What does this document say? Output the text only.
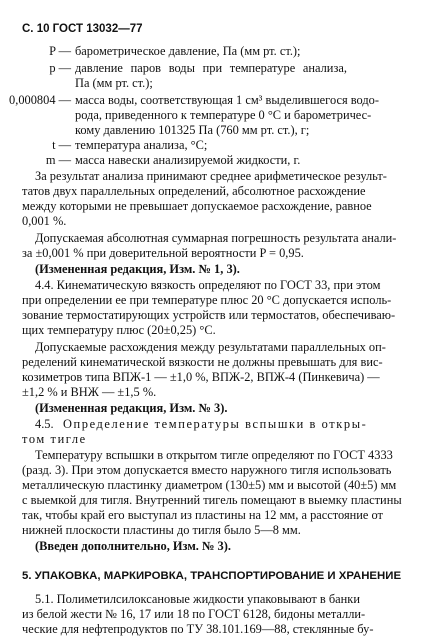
С. 10 ГОСТ 13032—77
P — барометрическое давление, Па (мм рт. ст.);
p — давление паров воды при температуре анализа,
Па (мм рт. ст.);
0,000804 — масса воды, соответствующая 1 см³ выделившегося водо-
рода, приведенного к температуре 0 °С и барометричес-
кому давлению 101325 Па (760 мм рт. ст.), г;
t — температура анализа, °С;
m — масса навески анализируемой жидкости, г.
За результат анализа принимают среднее арифметическое результ-
татов двух параллельных определений, абсолютное расхождение
между которыми не превышает допускаемое расхождение, равное
0,001 %.
Допускаемая абсолютная суммарная погрешность результата анали-
за ±0,001 % при доверительной вероятности P = 0,95.
(Измененная редакция, Изм. № 1, 3).
4.4. Кинематическую вязкость определяют по ГОСТ 33, при этом
при определении ее при температуре плюс 20 °С допускается исполь-
зование термостатирующих устройств или термостатов, обеспечиваю-
щих температуру плюс (20±0,25) °С.
Допускаемые расхождения между результатами параллельных оп-
ределений кинематической вязкости не должны превышать для вис-
козиметров типа ВПЖ-1 — ±1,0 %, ВПЖ-2, ВПЖ-4 (Пинкевича) —
±1,2 % и ВНЖ — ±1,5 %.
(Измененная редакция, Изм. № 3).
4.5. Определение температуры вспышки в откры-
том тигле
Температуру вспышки в открытом тигле определяют по ГОСТ 4333
(разд. 3). При этом допускается вместо наружного тигля использовать
металлическую пластинку диаметром (130±5) мм и высотой (40±5) мм
с выемкой для тигля. Внутренний тигель помещают в выемку пластины
так, чтобы край его выступал из пластины на 12 мм, а расстояние от
нижней плоскости пластины до тигля было 5—8 мм.
(Введен дополнительно, Изм. № 3).
5. УПАКОВКА, МАРКИРОВКА, ТРАНСПОРТИРОВАНИЕ И ХРАНЕНИЕ
5.1. Полиметилсилоксановые жидкости упаковывают в банки
из белой жести № 16, 17 или 18 по ГОСТ 6128, бидоны металли-
ческие для нефтепродуктов по ТУ 38.101.169—88, стеклянные бу-
